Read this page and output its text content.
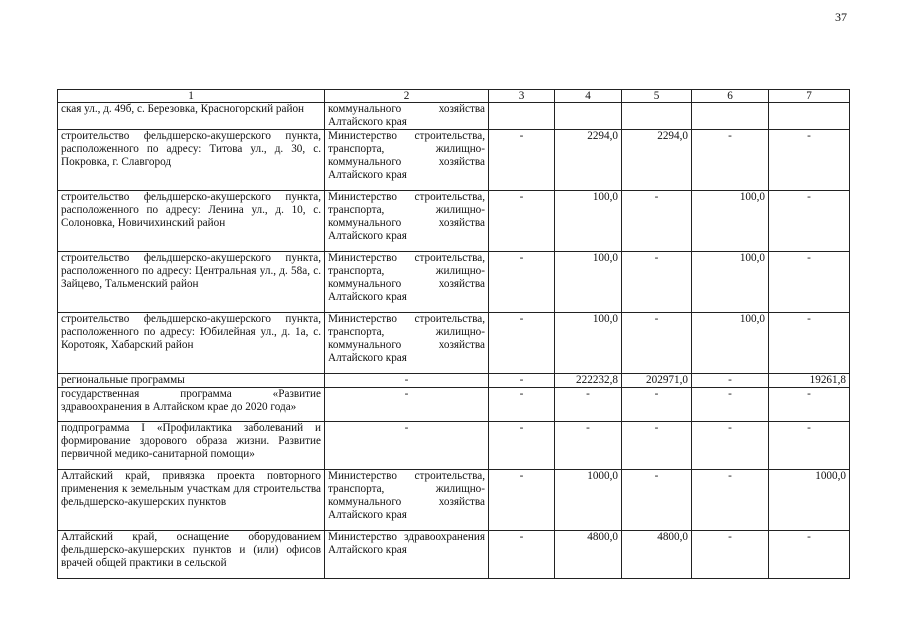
37
1	2	3	4	5	6	7
ская ул., д. 49б, с. Березовка, Красногорский район	коммунального хозяйства Алтайского края					
строительство фельдшерско-акушерского пункта, расположенного по адресу: Титова ул., д. 30, с. Покровка, г. Славгород	Министерство строительства, транспорта, жилищно-коммунального хозяйства Алтайского края	-	2294,0	2294,0	-	-
строительство фельдшерско-акушерского пункта, расположенного по адресу: Ленина ул., д. 10, с. Солоновка, Новичихинский район	Министерство строительства, транспорта, жилищно-коммунального хозяйства Алтайского края	-	100,0	-	100,0	-
строительство фельдшерско-акушерского пункта, расположенного по адресу: Центральная ул., д. 58а, с. Зайцево, Тальменский район	Министерство строительства, транспорта, жилищно-коммунального хозяйства Алтайского края	-	100,0	-	100,0	-
строительство фельдшерско-акушерского пункта, расположенного по адресу: Юбилейная ул., д. 1а, с. Коротояк, Хабарский район	Министерство строительства, транспорта, жилищно-коммунального хозяйства Алтайского края	-	100,0	-	100,0	-
региональные программы	-	-	222232,8	202971,0	-	19261,8
государственная программа «Развитие здравоохранения в Алтайском крае до 2020 года»	-	-	-	-	-	-
подпрограмма I «Профилактика заболеваний и формирование здорового образа жизни. Развитие первичной медико-санитарной помощи»	-	-	-	-	-	-
Алтайский край, привязка проекта повторного применения к земельным участкам для строительства фельдшерско-акушерских пунктов	Министерство строительства, транспорта, жилищно-коммунального хозяйства Алтайского края	-	1000,0	-	-	1000,0
Алтайский край, оснащение оборудованием фельдшерско-акушерских пунктов и (или) офисов врачей общей практики в сельской	Министерство здравоохранения Алтайского края	-	4800,0	4800,0	-	-
